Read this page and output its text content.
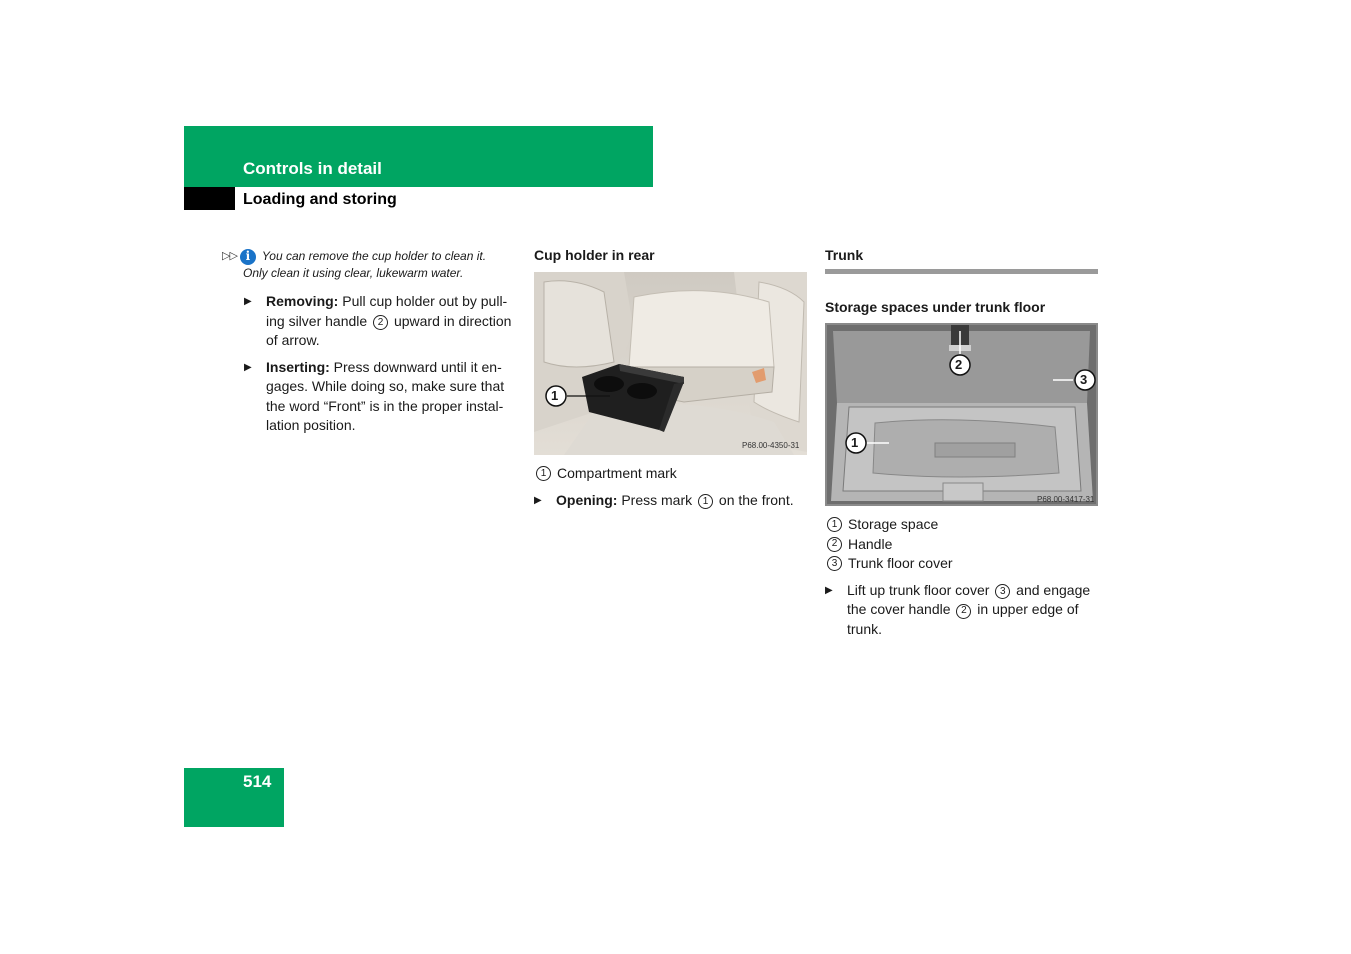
Controls in detail
Loading and storing
▷▷ i You can remove the cup holder to clean it.
Only clean it using clear, lukewarm water.
▶	Removing: Pull cup holder out by pull-ing silver handle 2 upward in direction of arrow.
▶	Inserting: Press downward until it en-gages. While doing so, make sure that the word “Front” is in the proper instal-lation position.
Cup holder in rear
1
P68.00-4350-31
1 Compartment mark
▶	Opening: Press mark 1 on the front.
Trunk
Storage spaces under trunk floor
2
3
1
P68.00-3417-31
1 Storage space
2 Handle
3 Trunk floor cover
▶	Lift up trunk floor cover 3 and engage the cover handle 2 in upper edge of trunk.
514
